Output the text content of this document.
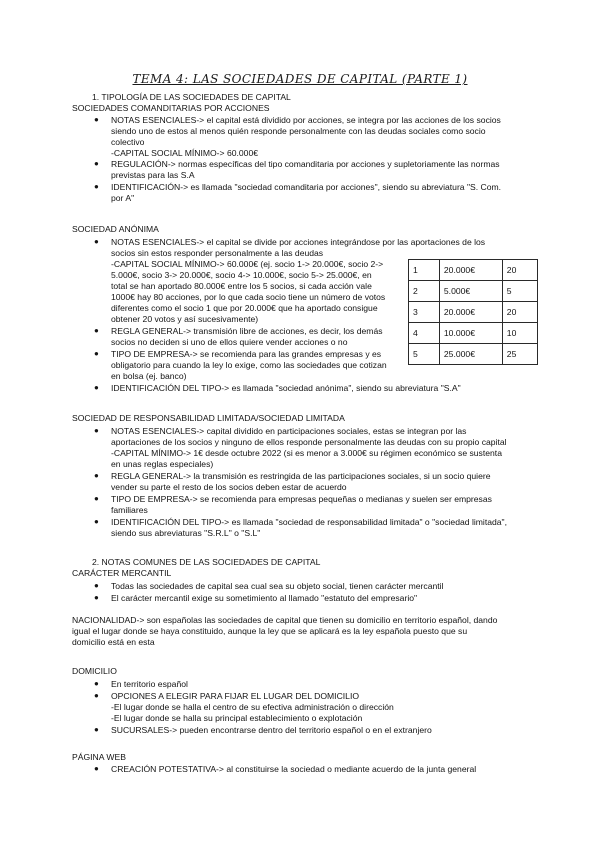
TEMA 4: LAS SOCIEDADES DE CAPITAL (PARTE 1)
1. TIPOLOGÍA DE LAS SOCIEDADES DE CAPITAL
SOCIEDADES COMANDITARIAS POR ACCIONES
● NOTAS ESENCIALES-> el capital está dividido por acciones, se integra por las acciones de los socios
siendo uno de estos al menos quién responde personalmente con las deudas sociales como socio
colectivo
-CAPITAL SOCIAL MÍNIMO-> 60.000€
● REGULACIÓN-> normas específicas del tipo comanditaria por acciones y supletoriamente las normas
previstas para las S.A
● IDENTIFICACIÓN-> es llamada "sociedad comanditaria por acciones", siendo su abreviatura "S. Com.
por A"
SOCIEDAD ANÓNIMA
● NOTAS ESENCIALES-> el capital se divide por acciones integrándose por las aportaciones de los
socios sin estos responder personalmente a las deudas
-CAPITAL SOCIAL MÍNIMO-> 60.000€ (ej. socio 1-> 20.000€, socio 2->
5.000€, socio 3-> 20.000€, socio 4-> 10.000€, socio 5-> 25.000€, en
total se han aportado 80.000€ entre los 5 socios, si cada acción vale
1000€ hay 80 acciones, por lo que cada socio tiene un número de votos
diferentes como el socio 1 que por 20.000€ que ha aportado consigue
obtener 20 votos y así sucesivamente)
● REGLA GENERAL-> transmisión libre de acciones, es decir, los demás
socios no deciden si uno de ellos quiere vender acciones o no
● TIPO DE EMPRESA-> se recomienda para las grandes empresas y es
obligatorio para cuando la ley lo exige, como las sociedades que cotizan
en bolsa (ej. banco)
● IDENTIFICACIÓN DEL TIPO-> es llamada "sociedad anónima", siendo su abreviatura "S.A"
1	20.000€	20
2	5.000€	5
3	20.000€	20
4	10.000€	10
5	25.000€	25
SOCIEDAD DE RESPONSABILIDAD LIMITADA/SOCIEDAD LIMITADA
● NOTAS ESENCIALES-> capital dividido en participaciones sociales, estas se integran por las
aportaciones de los socios y ninguno de ellos responde personalmente las deudas con su propio capital
-CAPITAL MÍNIMO-> 1€ desde octubre 2022 (si es menor a 3.000€ su régimen económico se sustenta
en unas reglas especiales)
● REGLA GENERAL-> la transmisión es restringida de las participaciones sociales, si un socio quiere
vender su parte el resto de los socios deben estar de acuerdo
● TIPO DE EMPRESA-> se recomienda para empresas pequeñas o medianas y suelen ser empresas
familiares
● IDENTIFICACIÓN DEL TIPO-> es llamada "sociedad de responsabilidad limitada" o "sociedad limitada",
siendo sus abreviaturas "S.R.L" o "S.L"
2. NOTAS COMUNES DE LAS SOCIEDADES DE CAPITAL
CARÁCTER MERCANTIL
● Todas las sociedades de capital sea cual sea su objeto social, tienen carácter mercantil
● El carácter mercantil exige su sometimiento al llamado "estatuto del empresario"
NACIONALIDAD-> son españolas las sociedades de capital que tienen su domicilio en territorio español, dando
igual el lugar donde se haya constituido, aunque la ley que se aplicará es la ley española puesto que su
domicilio está en esta
DOMICILIO
● En territorio español
● OPCIONES A ELEGIR PARA FIJAR EL LUGAR DEL DOMICILIO
-El lugar donde se halla el centro de su efectiva administración o dirección
-El lugar donde se halla su principal establecimiento o explotación
● SUCURSALES-> pueden encontrarse dentro del territorio español o en el extranjero
PÁGINA WEB
● CREACIÓN POTESTATIVA-> al constituirse la sociedad o mediante acuerdo de la junta general
